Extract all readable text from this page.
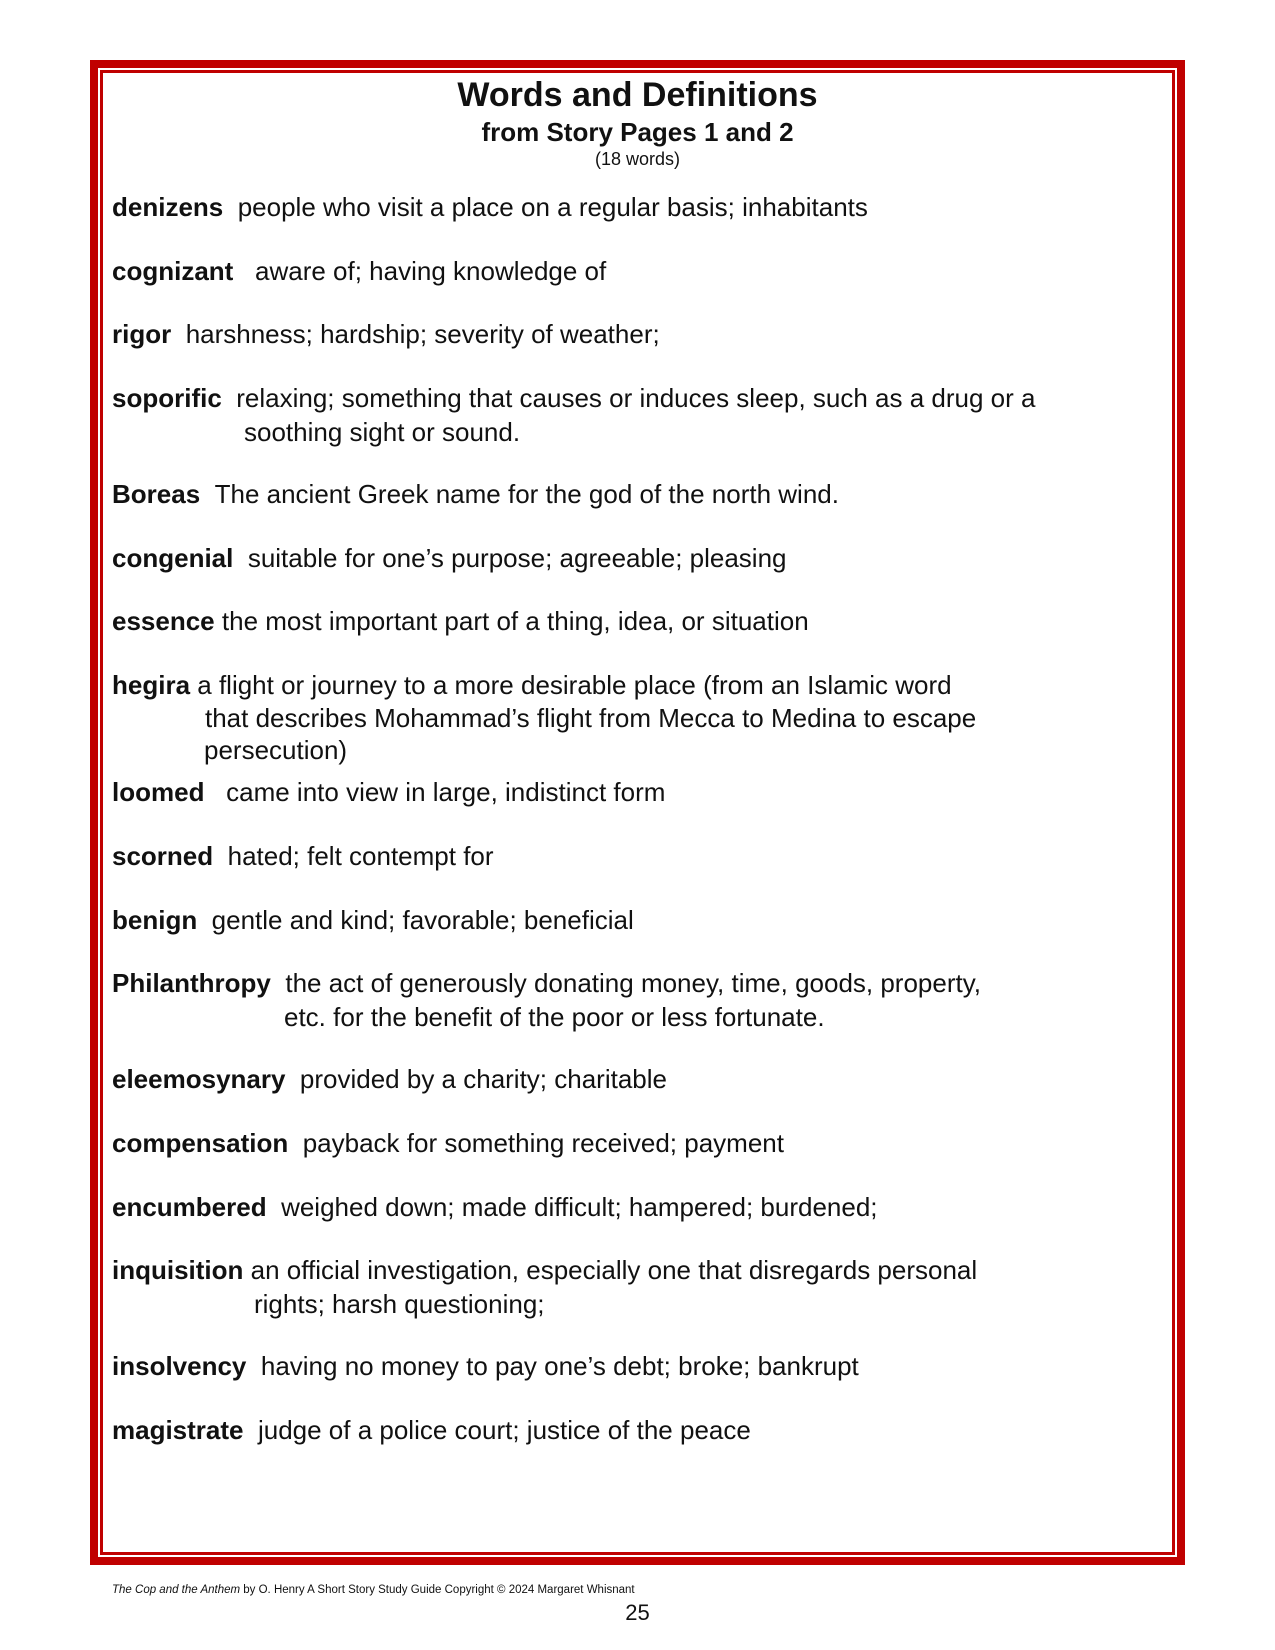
Words and Definitions
from Story Pages 1 and 2
(18 words)
denizens people who visit a place on a regular basis; inhabitants
cognizant aware of; having knowledge of
rigor harshness; hardship; severity of weather;
soporific relaxing; something that causes or induces sleep, such as a drug or a
soothing sight or sound.
Boreas The ancient Greek name for the god of the north wind.
congenial suitable for one’s purpose; agreeable; pleasing
essence the most important part of a thing, idea, or situation
hegira a flight or journey to a more desirable place (from an Islamic word
that describes Mohammad’s flight from Mecca to Medina to escape
persecution)
loomed came into view in large, indistinct form
scorned hated; felt contempt for
benign gentle and kind; favorable; beneficial
Philanthropy the act of generously donating money, time, goods, property,
etc. for the benefit of the poor or less fortunate.
eleemosynary provided by a charity; charitable
compensation payback for something received; payment
encumbered weighed down; made difficult; hampered; burdened;
inquisition an official investigation, especially one that disregards personal
rights; harsh questioning;
insolvency having no money to pay one’s debt; broke; bankrupt
magistrate judge of a police court; justice of the peace
The Cop and the Anthem by O. Henry A Short Story Study Guide Copyright © 2024 Margaret Whisnant
25
